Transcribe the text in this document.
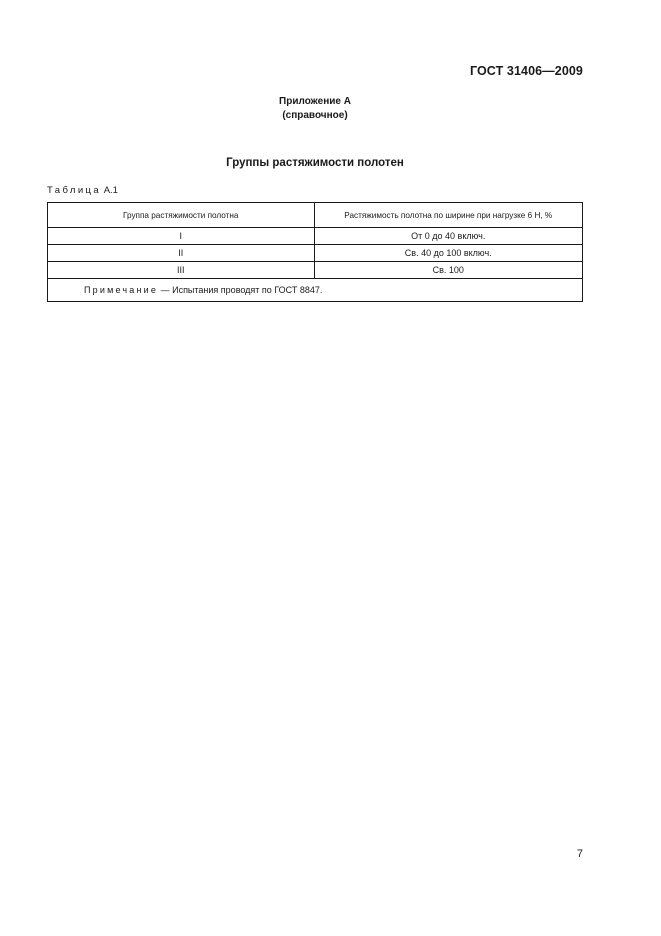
ГОСТ 31406—2009
Приложение А
(справочное)
Группы растяжимости полотен
Таблица А.1
Группа растяжимости полотна	Растяжимость полотна по ширине при нагрузке 6 Н, %
I	От 0 до 40 включ.
II	Св. 40 до 100 включ.
III	Св. 100
Примечание — Испытания проводят по ГОСТ 8847.	
7
